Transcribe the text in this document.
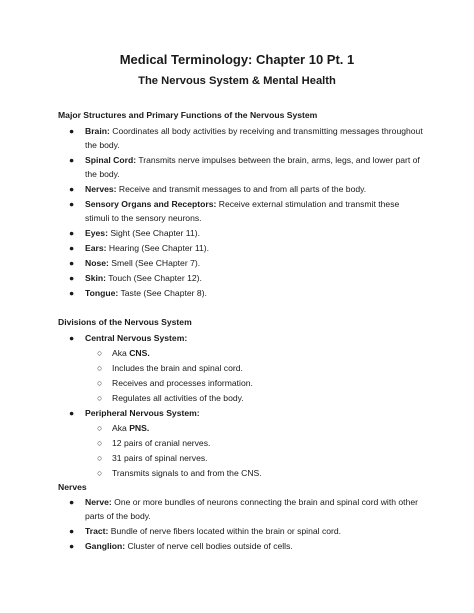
Medical Terminology: Chapter 10 Pt. 1
The Nervous System & Mental Health
Major Structures and Primary Functions of the Nervous System
●	Brain: Coordinates all body activities by receiving and transmitting messages throughout
the body.
●	Spinal Cord: Transmits nerve impulses between the brain, arms, legs, and lower part of
the body.
●	Nerves: Receive and transmit messages to and from all parts of the body.
●	Sensory Organs and Receptors: Receive external stimulation and transmit these
stimuli to the sensory neurons.
●	Eyes: Sight (See Chapter 11).
●	Ears: Hearing (See Chapter 11).
●	Nose: Smell (See CHapter 7).
●	Skin: Touch (See Chapter 12).
●	Tongue: Taste (See Chapter 8).
Divisions of the Nervous System
●	Central Nervous System:
○	Aka CNS.
○	Includes the brain and spinal cord.
○	Receives and processes information.
○	Regulates all activities of the body.
●	Peripheral Nervous System:
○	Aka PNS.
○	12 pairs of cranial nerves.
○	31 pairs of spinal nerves.
○	Transmits signals to and from the CNS.
Nerves
●	Nerve: One or more bundles of neurons connecting the brain and spinal cord with other
parts of the body.
●	Tract: Bundle of nerve fibers located within the brain or spinal cord.
●	Ganglion: Cluster of nerve cell bodies outside of cells.
